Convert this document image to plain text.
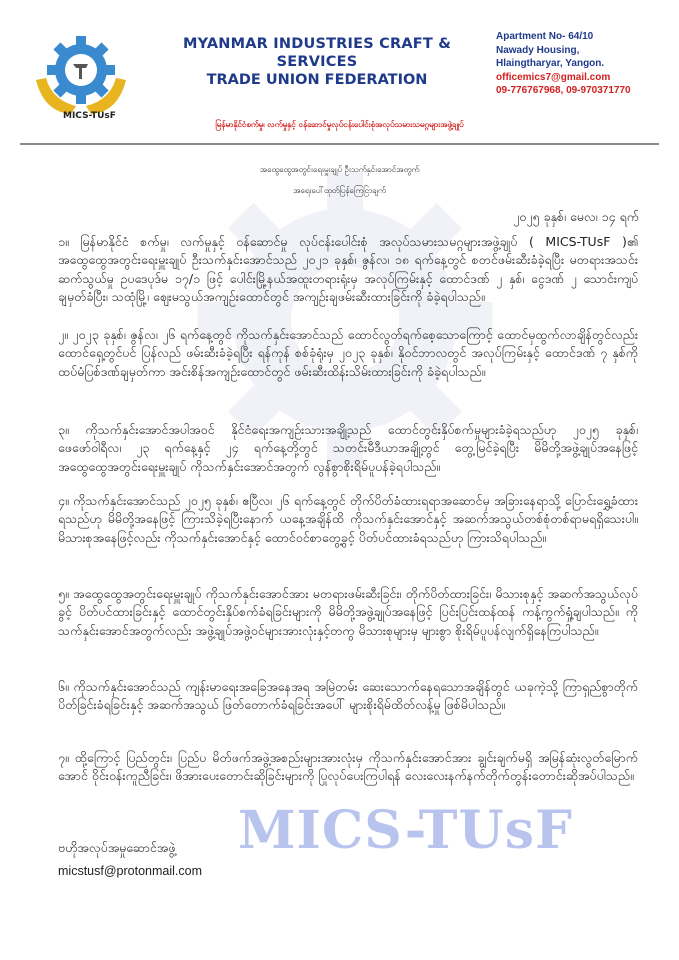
MICS-TUsF
MICS-TUsF
MYANMAR INDUSTRIES CRAFT & SERVICES
TRADE UNION FEDERATION
Apartment No- 64/10
Nawady Housing,
Hlaingtharyar, Yangon.
officemics7@gmail.com
09-776767968, 09-970371770
မြန်မာနိုင်ငံစက်မှု၊ လက်မှုနှင့် ဝန်ဆောင်မှုလုပ်ငန်းပေါင်းစုံအလုပ်သမားသမဂ္ဂများအဖွဲ့ချုပ်
အထွေထွေအတွင်းရေးမှူးချုပ် ဦးသက်နှင်းအောင်အတွက်
အရေးပေါ်ထုတ်ပြန်ကြေငြာချက်
၂၀၂၅ ခုနှစ်၊ မေလ၊ ၁၄ ရက်
၁။ မြန်မာနိုင်ငံ စက်မှု၊ လက်မှုနှင့် ဝန်ဆောင်မှု လုပ်ငန်းပေါင်းစုံ အလုပ်သမားသမဂ္ဂများအဖွဲ့ချုပ် ( MICS-TUsF )၏ အထွေထွေအတွင်းရေးမှူးချုပ် ဦးသက်နှင်းအောင်သည် ၂၀၂၁ ခုနှစ်၊ ဇွန်လ၊ ၁၈ ရက်နေ့တွင် စတင်ဖမ်းဆီးခံခဲ့ရပြီး မတရားအသင်းဆက်သွယ်မှု ဥပဒေပုဒ်မ ၁၇/၁ ဖြင့် ပေါင်းမြို့နယ်အထူးတရားရုံးမှ အလုပ်ကြမ်းနှင့် ထောင်ဒဏ် ၂ နှစ်၊ ငွေဒဏ် ၂ သောင်းကျပ် ချမှတ်ခံပြီး၊ သထုံမြို့၊ ဈေးမသွယ်အကျဉ်းထောင်တွင် အကျဉ်းချဖမ်းဆီးထားခြင်းကို ခံခဲ့ရပါသည်။
၂။ ၂၀၂၃ ခုနှစ်၊ ဇွန်လ၊ ၂၆ ရက်နေ့တွင် ကိုသက်နှင်းအောင်သည် ထောင်လွတ်ရက်စေ့သောကြောင့် ထောင်မှထွက်လာချိန်တွင်လည်း ထောင်ရှေ့တွင်ပင် ပြန်လည် ဖမ်းဆီးခံခဲ့ရပြီး ရန်ကုန် စစ်ခုံရုံးမှ ၂၀၂၃ ခုနှစ်၊ နိုဝင်ဘာလတွင် အလုပ်ကြမ်းနှင့် ထောင်ဒဏ် ၇ နှစ်ကို ထပ်မံပြစ်ဒဏ်ချမှတ်ကာ အင်းစိန်အကျဉ်းထောင်တွင် ဖမ်းဆီးထိန်းသိမ်းထားခြင်းကို ခံခဲ့ရပါသည်။
၃။ ကိုသက်နှင်းအောင်အပါအဝင် နိုင်ငံရေးအကျဉ်းသားအချို့သည် ထောင်တွင်းနှိပ်စက်မှုများခံခဲ့ရသည်ဟု ၂၀၂၅ ခုနှစ်၊ ဖေဖော်ဝါရီလ၊ ၂၃ ရက်နေ့နှင့် ၂၄ ရက်နေ့တို့တွင် သတင်းမီဒီယာအချို့တွင် တွေ့မြင်ခဲ့ရပြီး မိမိတို့အဖွဲ့ချုပ်အနေဖြင့် အထွေထွေအတွင်းရေးမှူးချုပ် ကိုသက်နှင်းအောင်အတွက် လွန်စွာစိုးရိမ်ပူပန်ခဲ့ရပါသည်။
၄။ ကိုသက်နှင်းအောင်သည် ၂၀၂၅ ခုနှစ်၊ ဧပြီလ၊ ၂၆ ရက်နေ့တွင် တိုက်ပိတ်ခံထားရရာအဆောင်မှ အခြားနေရာသို့ ပြောင်းရွှေ့ခံထားရသည်ဟု မိမိတို့အနေဖြင့် ကြားသိခဲ့ရပြီးနောက် ယနေ့အချိန်ထိ ကိုသက်နှင်းအောင်နှင့် အဆက်အသွယ်တစ်စုံတစ်ရာမရရှိသေးပါ။ မိသားစုအနေဖြင့်လည်း ကိုသက်နှင်းအောင်နှင့် ထောင်ဝင်စာတွေ့ခွင့် ပိတ်ပင်ထားခံရသည်ဟု ကြားသိရပါသည်။
၅။ အထွေထွေအတွင်းရေးမှူးချုပ် ကိုသက်နှင်းအောင်အား မတရားဖမ်းဆီးခြင်း၊ တိုက်ပိတ်ထားခြင်း၊ မိသားစုနှင့် အဆက်အသွယ်လုပ်ခွင့် ပိတ်ပင်ထားခြင်းနှင့် ထောင်တွင်းနှိပ်စက်ခံရခြင်းများကို မိမိတို့အဖွဲ့ချုပ်အနေဖြင့် ပြင်းပြင်းထန်ထန် ကန့်ကွက်ရှုံ့ချပါသည်။ ကိုသက်နှင်းအောင်အတွက်လည်း အဖွဲ့ချုပ်အဖွဲ့ဝင်များအားလုံးနှင့်တကွ မိသားစုများမှ များစွာ စိုးရိမ်ပူပန်လျက်ရှိနေကြပါသည်။
၆။ ကိုသက်နှင်းအောင်သည် ကျန်းမာရေးအခြေအနေအရ အမြဲတမ်း ဆေးသောက်နေရသောအချိန်တွင် ယခုကဲ့သို့ ကြာရှည်စွာတိုက်ပိတ်ခြင်းခံရခြင်းနှင့် အဆက်အသွယ် ဖြတ်တောက်ခံရခြင်းအပေါ် များစိုးရိမ်ထိတ်လန့်မှု ဖြစ်မိပါသည်။
၇။ ထို့ကြောင့် ပြည်တွင်း၊ ပြည်ပ မိတ်ဖက်အဖွဲ့အစည်းများအားလုံးမှ ကိုသက်နှင်းအောင်အား ချွင်းချက်မရှိ အမြန်ဆုံးလွတ်မြောက်အောင် ဝိုင်းဝန်းကူညီခြင်း၊ ဖိအားပေးတောင်းဆိုခြင်းများကို ပြုလုပ်ပေးကြပါရန် လေးလေးနက်နက်တိုက်တွန်းတောင်းဆိုအပ်ပါသည်။
ဗဟိုအလုပ်အမှုဆောင်အဖွဲ့
micstusf@protonmail.com
